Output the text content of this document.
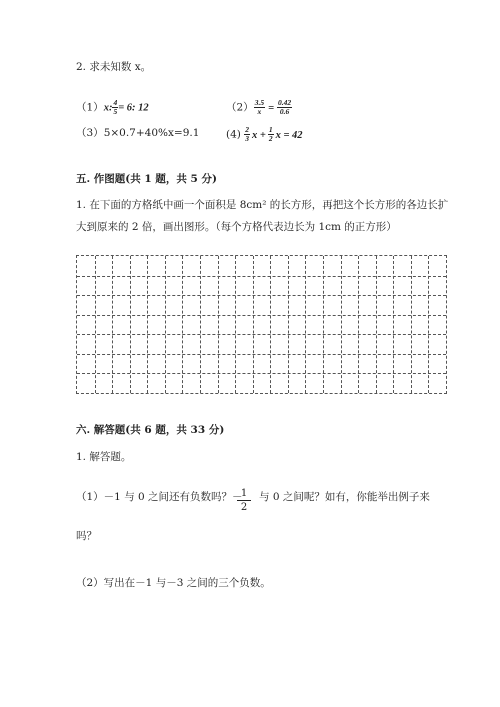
2. 求未知数 x。
（1）x: $\frac{4}{5} = 6$: 12	$(2) \frac{3.5}{x} = \frac{0.42}{0.6}$
（3）5×0.7+40%x=9.1	$(4) \frac{2}{3}$ $x + \frac{1}{2}$ x = 42
五. 作图题(共 1 题，共 5 分)
1. 在下面的方格纸中画一个面积是 8cm² 的长方形，再把这个长方形的各边长扩
大到原来的 2 倍，画出图形。（每个方格代表边长为 1cm 的正方形）
六. 解答题(共 6 题，共 33 分)
1. 解答题。
（1）－1 与 0 之间还有负数吗？－
$\frac{1}{2}$ 与 0 之间呢？如有，你能举出例子来
吗？
（2）写出在－1 与－3 之间的三个负数。
